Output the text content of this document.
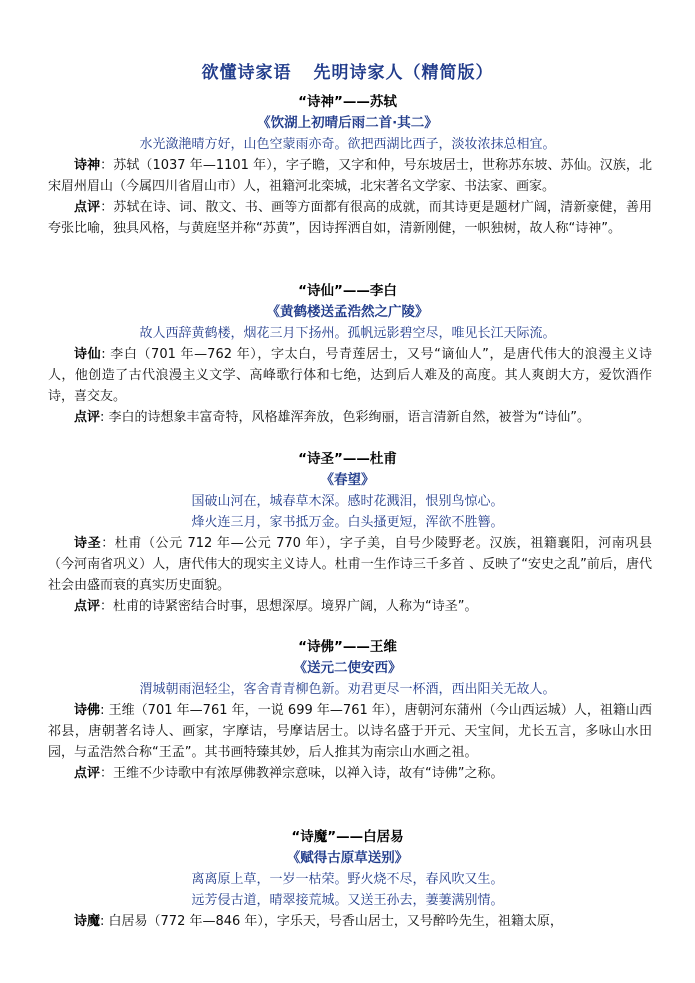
欲懂诗家语 先明诗家人（精简版）
“诗神”——苏轼
《饮湖上初晴后雨二首·其二》
水光潋滟晴方好，山色空蒙雨亦奇。欲把西湖比西子，淡妆浓抹总相宜。
诗神：苏轼（1037 年—1101 年），字子瞻，又字和仲，号东坡居士，世称苏东坡、苏仙。汉族，北宋眉州眉山（今属四川省眉山市）人，祖籍河北栾城，北宋著名文学家、书法家、画家。
点评：苏轼在诗、词、散文、书、画等方面都有很高的成就，而其诗更是题材广阔，清新豪健，善用夸张比喻，独具风格，与黄庭坚并称“苏黄”，因诗挥洒自如，清新刚健，一帜独树，故人称“诗神”。
“诗仙”——李白
《黄鹤楼送孟浩然之广陵》
故人西辞黄鹤楼，烟花三月下扬州。孤帆远影碧空尽，唯见长江天际流。
诗仙: 李白（701 年—762 年），字太白，号青莲居士，又号“谪仙人”，是唐代伟大的浪漫主义诗人，他创造了古代浪漫主义文学、高峰歌行体和七绝，达到后人难及的高度。其人爽朗大方，爱饮酒作诗，喜交友。
点评: 李白的诗想象丰富奇特，风格雄浑奔放，色彩绚丽，语言清新自然，被誉为“诗仙”。
“诗圣”——杜甫
《春望》
国破山河在，城春草木深。感时花溅泪，恨别鸟惊心。
烽火连三月，家书抵万金。白头搔更短，浑欲不胜簪。
诗圣：杜甫（公元 712 年—公元 770 年），字子美，自号少陵野老。汉族，祖籍襄阳，河南巩县（今河南省巩义）人，唐代伟大的现实主义诗人。杜甫一生作诗三千多首 、反映了“安史之乱”前后，唐代社会由盛而衰的真实历史面貌。
点评：杜甫的诗紧密结合时事，思想深厚。境界广阔，人称为“诗圣”。
“诗佛”——王维
《送元二使安西》
渭城朝雨浥轻尘，客舍青青柳色新。劝君更尽一杯酒，西出阳关无故人。
诗佛: 王维（701 年—761 年，一说 699 年—761 年），唐朝河东蒲州（今山西运城）人，祖籍山西祁县，唐朝著名诗人、画家，字摩诘，号摩诘居士。以诗名盛于开元、天宝间，尤长五言，多咏山水田园，与孟浩然合称“王孟”。其书画特臻其妙，后人推其为南宗山水画之祖。
点评：王维不少诗歌中有浓厚佛教禅宗意味，以禅入诗，故有“诗佛”之称。
“诗魔”——白居易
《赋得古原草送别》
离离原上草，一岁一枯荣。野火烧不尽，春风吹又生。
远芳侵古道，晴翠接荒城。又送王孙去，萋萋满别情。
诗魔: 白居易（772 年—846 年），字乐天，号香山居士，又号醉吟先生，祖籍太原，
